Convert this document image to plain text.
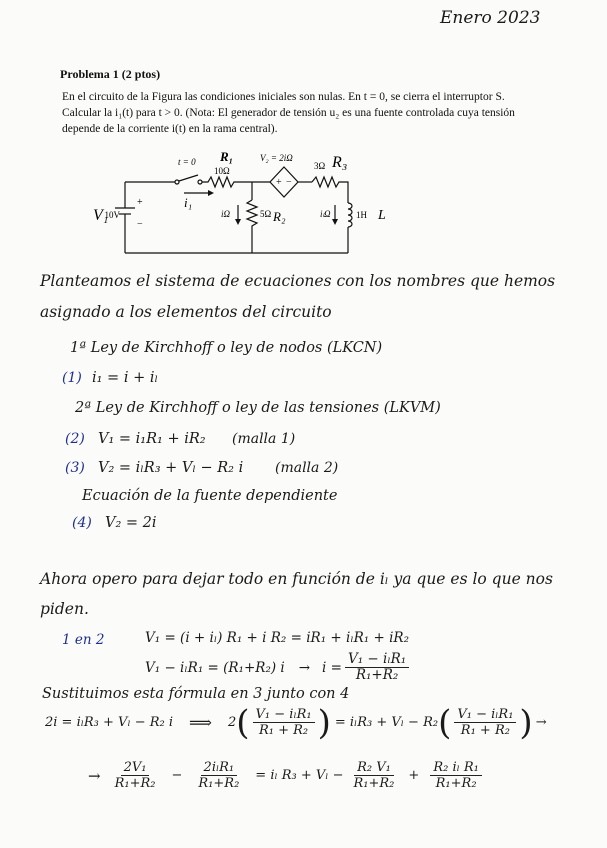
Enero 2023
Problema 1 (2 ptos)
En el circuito de la Figura las condiciones iniciales son nulas. En t = 0, se cierra el interruptor S.
Calcular la i₁(t) para t > 0. (Nota: El generador de tensión u₂ es una fuente controlada cuya tensión
depende de la corriente i(t) en la rama central).
+ −
t = 0 R₁
10Ω
V₂ = 2iΩ
3Ω R₃
V₁
10V
+
−
i₁
iΩ	5Ω R₂	iₗΩ	1H L
Planteamos el sistema de ecuaciones con los nombres que hemos
asignado a los elementos del circuito
1ª Ley de Kirchhoff o ley de nodos (LKCN)
(1) i₁ = i + iₗ
2ª Ley de Kirchhoff o ley de las tensiones (LKVM)
(2) V₁ = i₁R₁ + iR₂ (malla 1)
(3) V₂ = iₗR₃ + Vₗ − R₂ i (malla 2)
Ecuación de la fuente dependiente
(4) V₂ = 2i
Ahora opero para dejar todo en función de iₗ ya que es lo que nos
piden.
1 en 2	V₁ = (i + iₗ) R₁ + i R₂ = iR₁ + iₗR₁ + iR₂
V₁ − iₗR₁ = (R₁+R₂) $i \to i = \frac{\text{V₁ − iₗR₁}}{\text{R₁+R₂}}$
Sustituimos esta fórmula en 3 junto con 4
2i = iₗR₃ + Vₗ − R₂ i ⟹ 2 ( $\frac{\text{V₁ − iₗR₁}}{\text{R₁ + R₂}}$ ) = iₗR₃ + Vₗ − R₂ ( $\frac{\text{V₁ − iₗR₁}}{\text{R₁ + R₂}}$ ) →
→ $\frac{\text{2V₁}}{\text{R₁+R₂}} - \frac{\text{2iₗR₁}}{\text{R₁+R₂}} = i_l$ $R_3 + V_l - \frac{\text{R₂ V₁}}{\text{R₁+R₂}} + \frac{\text{R₂ iₗ R₁}}{\text{R₁+R₂}}$
